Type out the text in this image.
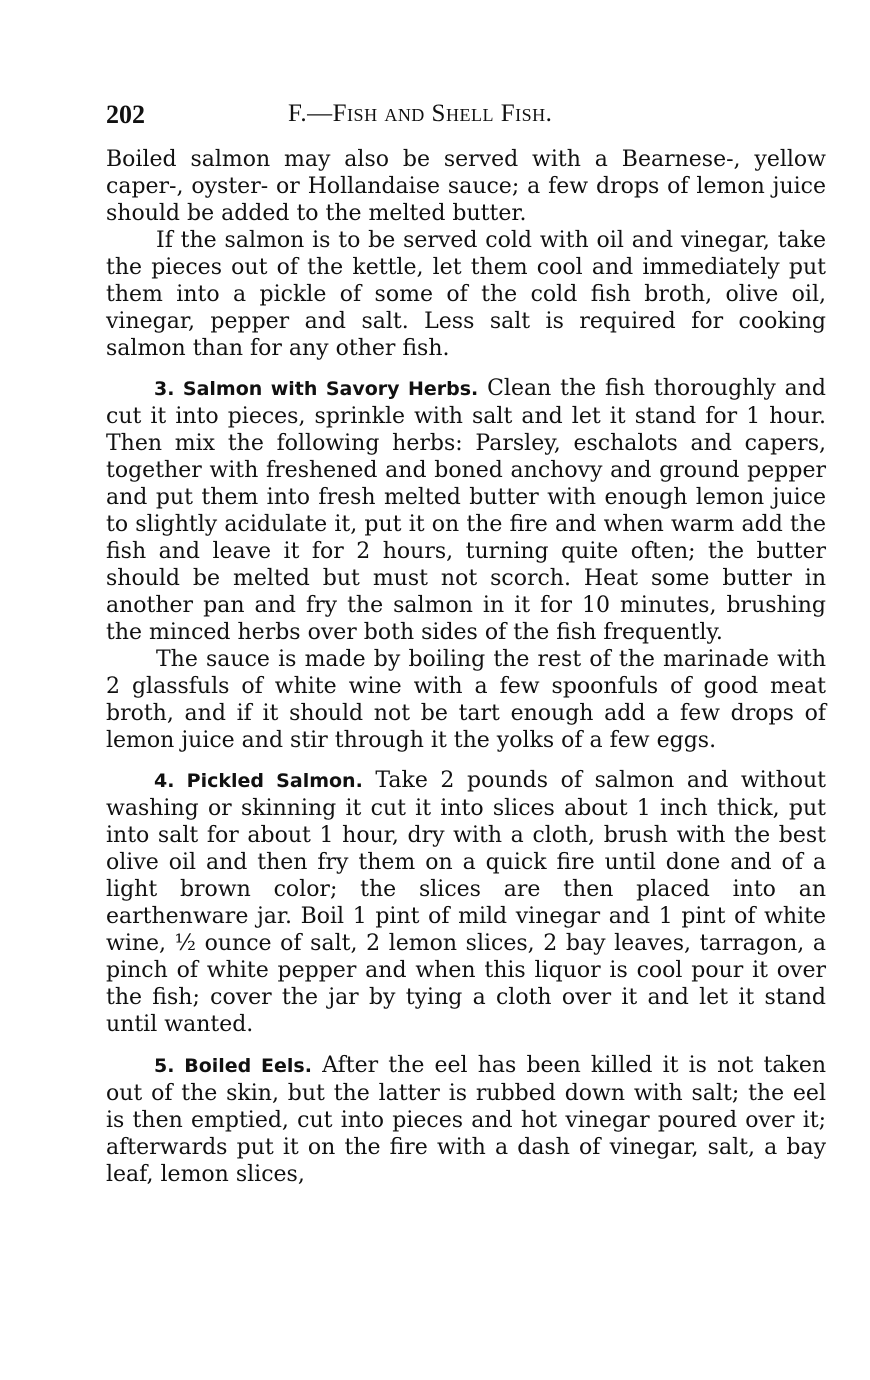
202	F.—Fish and Shell Fish.

Boiled salmon may also be served with a Bearnese-, yellow caper-, oyster- or Hollandaise sauce; a few drops of lemon juice should be added to the melted butter.

If the salmon is to be served cold with oil and vinegar, take the pieces out of the kettle, let them cool and immediately put them into a pickle of some of the cold fish broth, olive oil, vinegar, pepper and salt. Less salt is required for cooking salmon than for any other fish.

3. Salmon with Savory Herbs. Clean the fish thoroughly and cut it into pieces, sprinkle with salt and let it stand for 1 hour. Then mix the following herbs: Parsley, eschalots and capers, together with freshened and boned anchovy and ground pepper and put them into fresh melted butter with enough lemon juice to slightly acidulate it, put it on the fire and when warm add the fish and leave it for 2 hours, turning quite often; the butter should be melted but must not scorch. Heat some butter in another pan and fry the salmon in it for 10 minutes, brushing the minced herbs over both sides of the fish frequently.

The sauce is made by boiling the rest of the marinade with 2 glassfuls of white wine with a few spoonfuls of good meat broth, and if it should not be tart enough add a few drops of lemon juice and stir through it the yolks of a few eggs.

4. Pickled Salmon. Take 2 pounds of salmon and without washing or skinning it cut it into slices about 1 inch thick, put into salt for about 1 hour, dry with a cloth, brush with the best olive oil and then fry them on a quick fire until done and of a light brown color; the slices are then placed into an earthenware jar. Boil 1 pint of mild vinegar and 1 pint of white wine, ½ ounce of salt, 2 lemon slices, 2 bay leaves, tarragon, a pinch of white pepper and when this liquor is cool pour it over the fish; cover the jar by tying a cloth over it and let it stand until wanted.

5. Boiled Eels. After the eel has been killed it is not taken out of the skin, but the latter is rubbed down with salt; the eel is then emptied, cut into pieces and hot vinegar poured over it; afterwards put it on the fire with a dash of vinegar, salt, a bay leaf, lemon slices,
